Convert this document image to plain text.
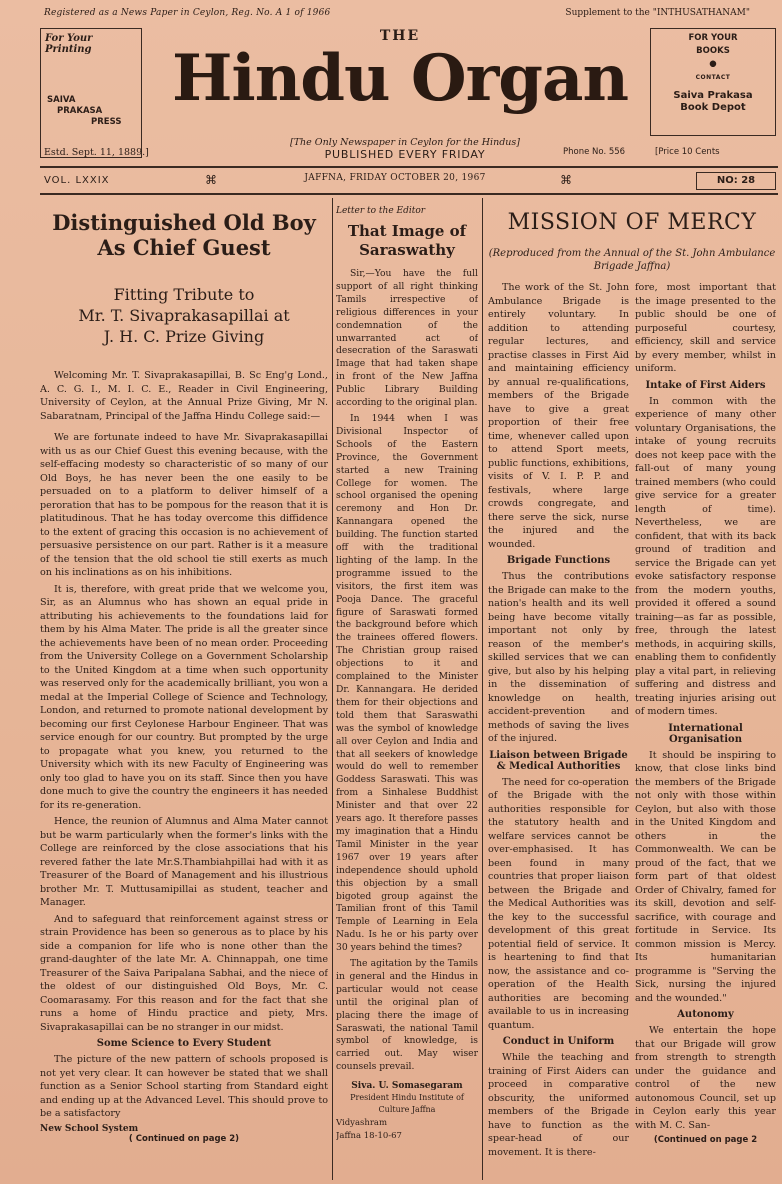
Registered as a News Paper in Ceylon, Reg. No. A 1 of 1966	Supplement to the "INTHUSATHANAM"
For Your Printing
SAIVA
PRAKASA

PRESS
THE
Hindu Organ
FOR YOUR
BOOKS
●
CONTACT
Saiva Prakasa
Book Depot
[The Only Newspaper in Ceylon for the Hindus]
PUBLISHED EVERY FRIDAY
Estd. Sept. 11, 1889.]	Phone No. 556	[Price 10 Cents
VOL. LXXIX	⌘	JAFFNA, FRIDAY OCTOBER 20, 1967	⌘	NO: 28
Distinguished Old Boy
As Chief Guest
Fitting Tribute to
Mr. T. Sivaprakasapillai at
J. H. C. Prize Giving

Welcoming Mr. T. Sivaprakasapillai, B. Sc Eng'g Lond., A. C. G. I., M. I. C. E., Reader in Civil Engineering, University of Ceylon, at the Annual Prize Giving, Mr N. Sabaratnam, Principal of the Jaffna Hindu College said:—

We are fortunate indeed to have Mr. Sivaprakasapillai with us as our Chief Guest this evening because, with the self-effacing modesty so characteristic of so many of our Old Boys, he has never been the one easily to be persuaded on to a platform to deliver himself of a peroration that has to be pompous for the reason that it is platitudinous. That he has today overcome this diffidence to the extent of gracing this occasion is no achievement of persuasive persistence on our part. Rather is it a measure of the tension that the old school tie still exerts as much on his inclinations as on his inhibitions.

It is, therefore, with great pride that we welcome you, Sir, as an Alumnus who has shown an equal pride in attributing his achievements to the foundations laid for them by his Alma Mater. The pride is all the greater since the achievements have been of no mean order. Proceeding from the University College on a Government Scholarship to the United Kingdom at a time when such opportunity was reserved only for the academically brilliant, you won a medal at the Imperial College of Science and Technology, London, and returned to promote national development by becoming our first Ceylonese Harbour Engineer. That was service enough for our country. But prompted by the urge to propagate what you knew, you returned to the University which with its new Faculty of Engineering was only too glad to have you on its staff. Since then you have done much to give the country the engineers it has needed for its re-generation.

Hence, the reunion of Alumnus and Alma Mater cannot but be warm particularly when the former's links with the College are reinforced by the close associations that his revered father the late Mr.S.Thambiahpillai had with it as Treasurer of the Board of Management and his illustrious brother Mr. T. Muttusamipillai as student, teacher and Manager.

And to safeguard that reinforcement against stress or strain Providence has been so generous as to place by his side a companion for life who is none other than the grand-daughter of the late Mr. A. Chinnappah, one time Treasurer of the Saiva Paripalana Sabhai, and the niece of the oldest of our distinguished Old Boys, Mr. C. Coomarasamy. For this reason and for the fact that she runs a home of Hindu practice and piety, Mrs. Sivaprakasapillai can be no stranger in our midst.

Some Science to Every Student

The picture of the new pattern of schools proposed is not yet very clear. It can however be stated that we shall function as a Senior School starting from Standard eight and ending up at the Advanced Level. This should prove to be a satisfactory

New School System
( Continued on page 2)
Letter to the Editor
That Image of
Saraswathy

Sir,—You have the full support of all right thinking Tamils irrespective of religious differences in your condemnation of the unwarranted act of desecration of the Saraswati Image that had taken shape in front of the New Jaffna Public Library Building according to the original plan.

In 1944 when I was Divisional Inspector of Schools of the Eastern Province, the Government started a new Training College for women. The school organised the opening ceremony and Hon Dr. Kannangara opened the building. The function started off with the traditional lighting of the lamp. In the programme issued to the visitors, the first item was Pooja Dance. The graceful figure of Saraswati formed the background before which the trainees offered flowers. The Christian group raised objections to it and complained to the Minister Dr. Kannangara. He derided them for their objections and told them that Saraswathi was the symbol of knowledge all over Ceylon and India and that all seekers of knowledge would do well to remember Goddess Saraswati. This was from a Sinhalese Buddhist Minister and that over 22 years ago. It therefore passes my imagination that a Hindu Tamil Minister in the year 1967 over 19 years after independence should uphold this objection by a small bigoted group against the Tamilian front of this Tamil Temple of Learning in Eela Nadu. Is he or his party over 30 years behind the times?

The agitation by the Tamils in general and the Hindus in particular would not cease until the original plan of placing there the image of Saraswati, the national Tamil symbol of knowledge, is carried out. May wiser counsels prevail.

Siva. U. Somasegaram
President Hindu Institute of Culture Jaffna
Vidyashram
Jaffna 18-10-67
MISSION OF MERCY
(Reproduced from the Annual of the St. John Ambulance Brigade Jaffna)

The work of the St. John Ambulance Brigade is entirely voluntary. In addition to attending regular lectures, and practise classes in First Aid and maintaining efficiency by annual re-qualifications, members of the Brigade have to give a great proportion of their free time, whenever called upon to attend Sport meets, public functions, exhibitions, visits of V. I. P. P. and festivals, where large crowds congregate, and there serve the sick, nurse the injured and the wounded.

Brigade Functions

Thus the contributions the Brigade can make to the nation's health and its well being have become vitally important not only by reason of the member's skilled services that we can give, but also by his helping in the dissemination of knowledge on health, accident-prevention and methods of saving the lives of the injured.

Liaison between Brigade & Medical Authorities

The need for co-operation of the Brigade with the authorities responsible for the statutory health and welfare services cannot be over-emphasised. It has been found in many countries that proper liaison between the Brigade and the Medical Authorities was the key to the successful development of this great potential field of service. It is heartening to find that now, the assistance and co-operation of the Health authorities are becoming available to us in increasing quantum.

Conduct in Uniform

While the teaching and training of First Aiders can proceed in comparative obscurity, the uniformed members of the Brigade have to function as the spear-head of our movement. It is there-

fore, most important that the image presented to the public should be one of purposeful courtesy, efficiency, skill and service by every member, whilst in uniform.

Intake of First Aiders

In common with the experience of many other voluntary Organisations, the intake of young recruits does not keep pace with the fall-out of many young trained members (who could give service for a greater length of time). Nevertheless, we are confident, that with its back ground of tradition and service the Brigade can yet evoke satisfactory response from the modern youths, provided it offered a sound training—as far as possible, free, through the latest methods, in acquiring skills, enabling them to confidently play a vital part, in relieving suffering and distress and treating injuries arising out of modern times.

International Organisation

It should be inspiring to know, that close links bind the members of the Brigade not only with those within Ceylon, but also with those in the United Kingdom and others in the Commonwealth. We can be proud of the fact, that we form part of that oldest Order of Chivalry, famed for its skill, devotion and self-sacrifice, with courage and fortitude in Service. Its common mission is Mercy. Its humanitarian programme is "Serving the Sick, nursing the injured and the wounded."

Autonomy

We entertain the hope that our Brigade will grow from strength to strength under the guidance and control of the new autonomous Council, set up in Ceylon early this year with M. C. San-

(Continued on page 2
